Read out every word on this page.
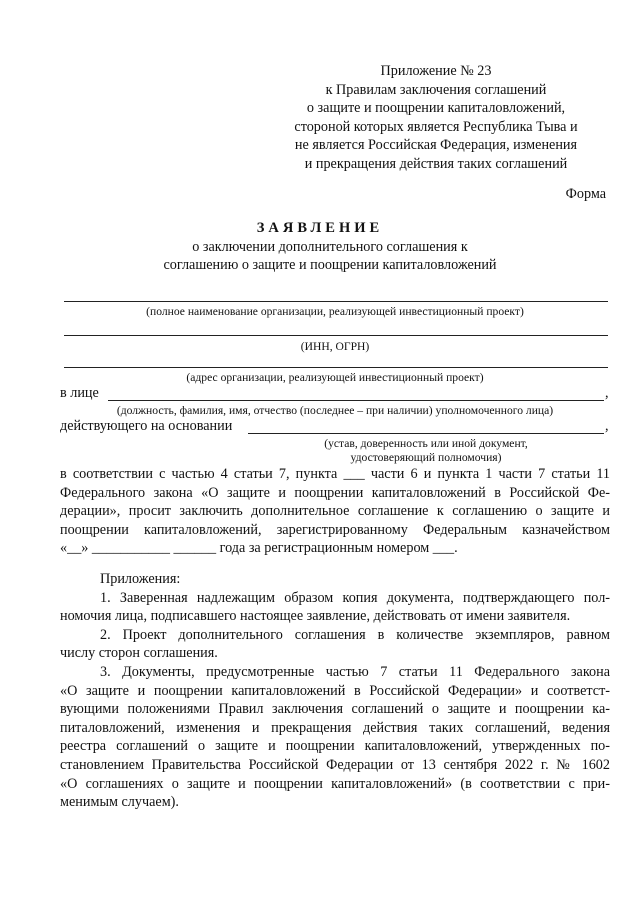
Приложение № 23
к Правилам заключения соглашений
о защите и поощрении капиталовложений,
стороной которых является Республика Тыва и
не является Российская Федерация, изменения
и прекращения действия таких соглашений
Форма
ЗАЯВЛЕНИЕ
о заключении дополнительного соглашения к
соглашению о защите и поощрении капиталовложений
(полное наименование организации, реализующей инвестиционный проект)
(ИНН, ОГРН)
(адрес организации, реализующей инвестиционный проект)
в лице	,
(должность, фамилия, имя, отчество (последнее – при наличии) уполномоченного лица)
действующего на основании	,
(устав, доверенность или иной документ,
удостоверяющий полномочия)

в соответствии с частью 4 статьи 7, пункта ___ части 6 и пункта 1 части 7 статьи 11

Федерального закона «О защите и поощрении капиталовложений в Российской Фе-

дерации», просит заключить дополнительное соглашение к соглашению о защите и

поощрении капиталовложений, зарегистрированному Федеральным казначейством

«__» ___________ ______ года за регистрационным номером ___.

Приложения:

1. Заверенная надлежащим образом копия документа, подтверждающего пол-

номочия лица, подписавшего настоящее заявление, действовать от имени заявителя.

2. Проект дополнительного соглашения в количестве экземпляров, равном

числу сторон соглашения.

3. Документы, предусмотренные частью 7 статьи 11 Федерального закона

«О защите и поощрении капиталовложений в Российской Федерации» и соответст-

вующими положениями Правил заключения соглашений о защите и поощрении ка-

питаловложений, изменения и прекращения действия таких соглашений, ведения

реестра соглашений о защите и поощрении капиталовложений, утвержденных по-

становлением Правительства Российской Федерации от 13 сентября 2022 г. № 1602

«О соглашениях о защите и поощрении капиталовложений» (в соответствии с при-

менимым случаем).
